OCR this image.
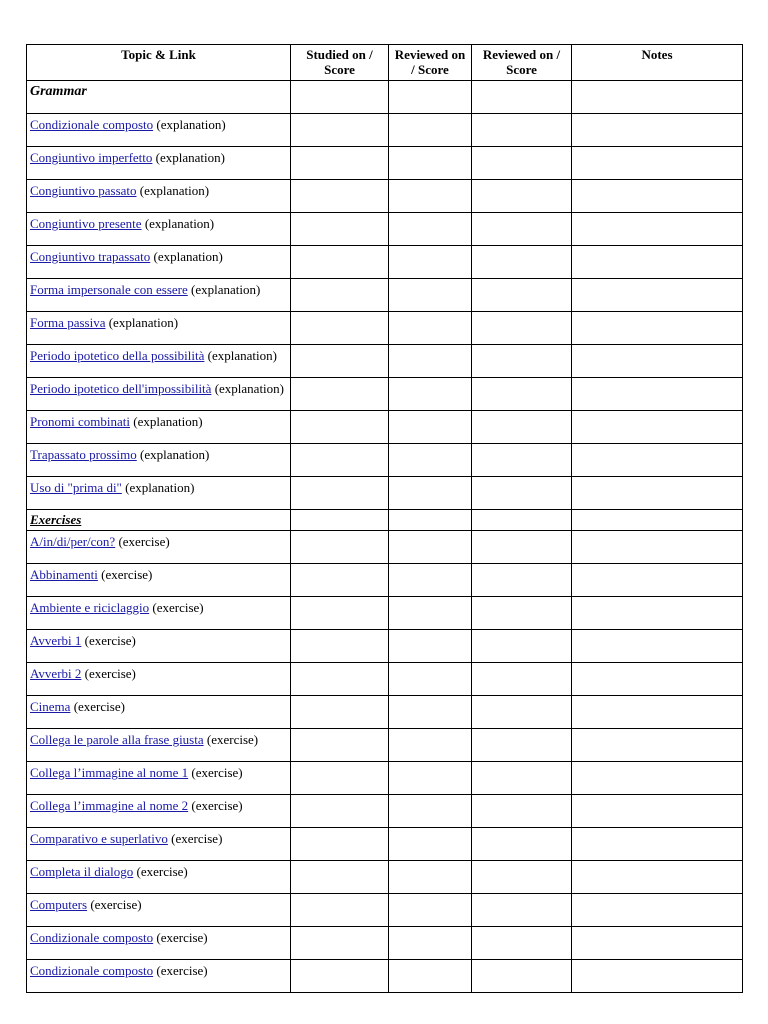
Topic & Link	Studied on / Score	Reviewed on / Score	Reviewed on / Score	Notes
Grammar				
Condizionale composto (explanation)				
Congiuntivo imperfetto (explanation)				
Congiuntivo passato (explanation)				
Congiuntivo presente (explanation)				
Congiuntivo trapassato (explanation)				
Forma impersonale con essere (explanation)				
Forma passiva (explanation)				
Periodo ipotetico della possibilità (explanation)				
Periodo ipotetico dell'impossibilità (explanation)				
Pronomi combinati (explanation)				
Trapassato prossimo (explanation)				
Uso di "prima di" (explanation)				
Exercises				
A/in/di/per/con? (exercise)				
Abbinamenti (exercise)				
Ambiente e riciclaggio (exercise)				
Avverbi 1 (exercise)				
Avverbi 2 (exercise)				
Cinema (exercise)				
Collega le parole alla frase giusta (exercise)				
Collega l’immagine al nome 1 (exercise)				
Collega l’immagine al nome 2 (exercise)				
Comparativo e superlativo (exercise)				
Completa il dialogo (exercise)				
Computers (exercise)				
Condizionale composto (exercise)				
Condizionale composto (exercise)				
